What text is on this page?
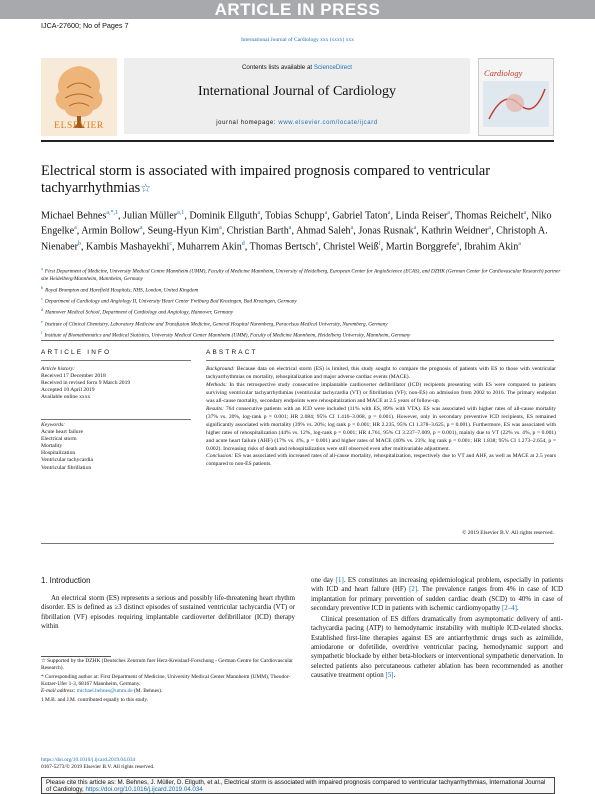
ARTICLE IN PRESS
IJCA-27600; No of Pages 7
International Journal of Cardiology xxx (xxxx) xxx
ELSEVIER
Contents lists available at ScienceDirect
International Journal of Cardiology
journal homepage: www.elsevier.com/locate/ijcard
Cardiology
Electrical storm is associated with impaired prognosis compared to ventricular tachyarrhythmias☆
Michael Behnes$^{a,*,1}$, Julian Müller$^{a,1}$, Dominik Ellguth$^a$, Tobias Schupp$^a$, Gabriel Taton$^a$, Linda Reiser$^a$, Thomas Reichelt$^a$, Niko Engelke$^a$, Armin Bollow$^a$, Seung-Hyun Kim$^a$, Christian Barth$^a$, Ahmad Saleh$^a$, Jonas Rusnak$^a$, Kathrin Weidner$^a$, Christoph A. Nienaber$^b$, Kambis Mashayekhi$^c$, Muharrem Akin$^d$, Thomas Bertsch$^e$, Christel Weiß$^f$, Martin Borggrefe$^a$, Ibrahim Akin$^a$
$^a$First Department of Medicine, University Medical Centre Mannheim (UMM), Faculty of Medicine Mannheim, University of Heidelberg, European Center for AngioScience (ECAS), and DZHK (German Center for Cardiovascular Research) partner site Heidelberg/Mannheim, Mannheim, Germany
$^b$Royal Brompton and Harefield Hospitals, NHS, London, United Kingdom
$^c$Department of Cardiology and Angiology II, University Heart Center Freiburg Bad Krozingen, Bad Krozingen, Germany
$^d$Hannover Medical School, Department of Cardiology and Angiology, Hannover, Germany
$^e$Institute of Clinical Chemistry, Laboratory Medicine and Transfusion Medicine, General Hospital Nuremberg, Paracelsus Medical University, Nuremberg, Germany
$^f$Institute of Biomathematics and Medical Statistics, University Medical Center Mannheim (UMM), Faculty of Medicine Mannheim, Heidelberg University, Mannheim, Germany
ARTICLE INFO	ABSTRACT
Article history:
Received 17 December 2018
Received in revised form 9 March 2019
Accepted 10 April 2019
Available online xxxx
Keywords:
Acute heart failure
Electrical storm
Mortality
Hospitalization
Ventricular tachycardia
Ventricular fibrillation
Background: Because data on electrical storm (ES) is limited, this study sought to compare the prognosis of patients with ES to those with ventricular tachyarrhythmias on mortality, rehospitalization and major adverse cardiac events (MACE).
Methods: In this retrospective study consecutive implantable cardioverter defibrillator (ICD) recipients presenting with ES were compared to patients surviving ventricular tachyarrhythmias (ventricular tachycardia (VT) or fibrillation (VF); non-ES) on admission from 2002 to 2016. The primary endpoint was all-cause mortality, secondary endpoints were rehospitalization and MACE at 2.5 years of follow-up.
Results: 764 consecutive patients with an ICD were included (11% with ES, 89% with VTA). ES was associated with higher rates of all-cause mortality (37% vs. 20%, log-rank p = 0.001; HR 2.084; 95% CI 1.416–3.068, p = 0.001). However, only in secondary preventive ICD recipients, ES remained significantly associated with mortality (39% vs. 20%; log rank p = 0.001; HR 2.235, 95% CI 1.378–3.625, p = 0.001). Furthermore, ES was associated with higher rates of rehospitalization (44% vs. 12%, log-rank p = 0.001; HR 4.761, 95% CI 3.237–7.009, p = 0.001), mainly due to VT (22% vs. 4%, p = 0.001) and acute heart failure (AHF) (17% vs. 4%, p = 0.001) and higher rates of MACE (40% vs. 23%; log rank p = 0.001; HR 1.838; 95% CI 1.273–2.654, p = 0.002). Increasing risks of death and rehospitalization were still observed even after multivariable adjustment.
Conclusion: ES was associated with increased rates of all-cause mortality, rehospitalization, respectively due to VT and AHF, as well as MACE at 2.5 years compared to non-ES patients.
© 2019 Elsevier B.V. All rights reserved.
1. Introduction
An electrical storm (ES) represents a serious and possibly life-threatening heart rhythm disorder. ES is defined as ≥3 distinct episodes of sustained ventricular tachycardia (VT) or fibrillation (VF) episodes requiring implantable cardioverter defibrillator (ICD) therapy within

one day [1]. ES constitutes an increasing epidemiological problem, especially in patients with ICD and heart failure (HF) [2]. The prevalence ranges from 4% in case of ICD implantation for primary prevention of sudden cardiac death (SCD) to 40% in case of secondary preventive ICD in patients with ischemic cardiomyopathy [2–4].

Clinical presentation of ES differs dramatically from asymptomatic delivery of anti-tachycardia pacing (ATP) to hemodynamic instability with multiple ICD-related shocks. Established first-line therapies against ES are antiarrhythmic drugs such as azimilide, amiodarone or dofetilide, overdrive ventricular pacing, hemodynamic support and sympathetic blockade by either beta-blockers or interventional sympathetic denervation. In selected patients also percutaneous catheter ablation has been recommended as another causative treatment option [5].

☆ Supported by the DZHK (Deutsches Zentrum fuer Herz-Kreislauf-Forschung - German Centre for Cardiovascular Research).
* Corresponding author at: First Department of Medicine, University Medical Center Mannheim (UMM), Theodor-Kutzer-Ufer 1-3, 68167 Mannheim, Germany.
E-mail address: michael.behnes@umm.de (M. Behnes).
1 M.B. and J.M. contributed equally to this study.
https://doi.org/10.1016/j.ijcard.2019.04.034
0167-5273/© 2019 Elsevier B.V. All rights reserved.
Please cite this article as: M. Behnes, J. Müller, D. Ellguth, et al., Electrical storm is associated with impaired prognosis compared to ventricular tachyarrhythmias, International Journal of Cardiology, https://doi.org/10.1016/j.ijcard.2019.04.034
